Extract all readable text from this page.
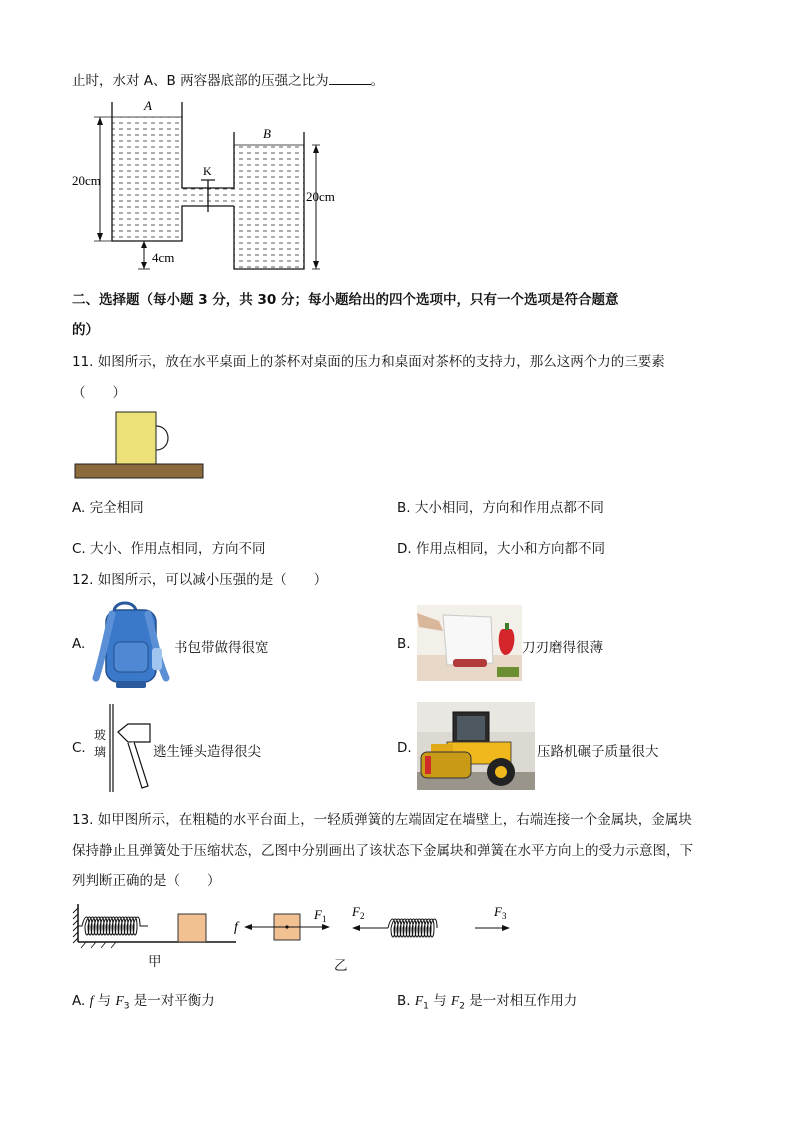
止时，水对 A、B 两容器底部的压强之比为	。
A
B
K
20cm
20cm
4cm
二、选择题（每小题 3 分，共 30 分；每小题给出的四个选项中，只有一个选项是符合题意
的）
11. 如图所示，放在水平桌面上的茶杯对桌面的压力和桌面对茶杯的支持力，那么这两个力的三要素
（　　）
A. 完全相同	B. 大小相同，方向和作用点都不同
C. 大小、作用点相同，方向不同	D. 作用点相同，大小和方向都不同
12. 如图所示，可以减小压强的是（　　）
A.	书包带做得很宽	B.	刀刃磨得很薄
C.
玻
璃	逃生锤头造得很尖	D.	压路机碾子质量很大
13. 如甲图所示，在粗糙的水平台面上，一轻质弹簧的左端固定在墙壁上，右端连接一个金属块，金属块
保持静止且弹簧处于压缩状态，乙图中分别画出了该状态下金属块和弹簧在水平方向上的受力示意图，下
列判断正确的是（　　）
甲
f
F 1 F 2	F 3
乙
A. f 与 $F_3$ 是一对平衡力	B. $F_1$ 与 $F_2$ 是一对相互作用力
